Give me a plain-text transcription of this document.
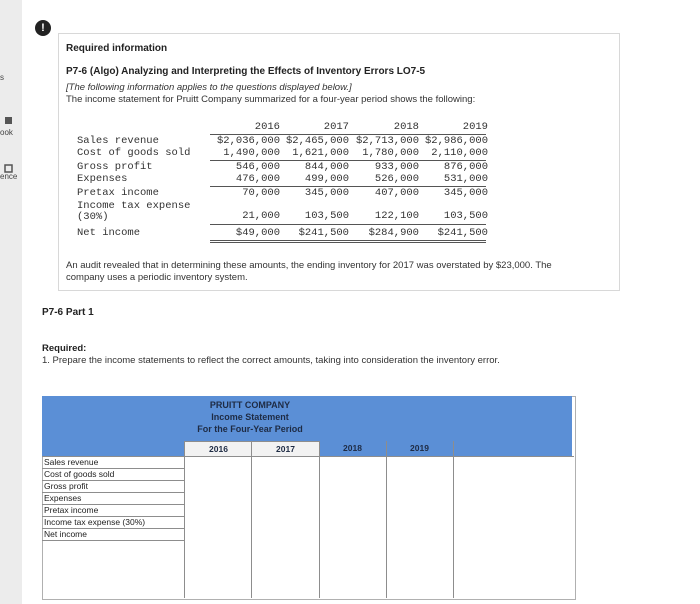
s
ook
ence
!
Required information
P7-6 (Algo) Analyzing and Interpreting the Effects of Inventory Errors LO7-5
[The following information applies to the questions displayed below.]
The income statement for Pruitt Company summarized for a four-year period shows the following:
2016	2017	2018	2019
Sales revenue	$2,036,000 $2,465,000 $2,713,000 $2,986,000
Cost of goods sold	1,490,000	1,621,000	1,780,000	2,110,000
Gross profit	546,000	844,000	933,000	876,000
Expenses	476,000	499,000	526,000	531,000
Pretax income	70,000	345,000	407,000	345,000
Income tax expense
(30%)	21,000	103,500	122,100	103,500
Net income	$49,000	$241,500	$284,900	$241,500
An audit revealed that in determining these amounts, the ending inventory for 2017 was overstated by $23,000. The company uses a periodic inventory system.
P7-6 Part 1
Required:
1. Prepare the income statements to reflect the correct amounts, taking into consideration the inventory error.
PRUITT COMPANY
Income Statement
For the Four-Year Period
2016	2017	2018	2019
Sales revenue
Cost of goods sold
Gross profit
Expenses
Pretax income
Income tax expense (30%)
Net income
